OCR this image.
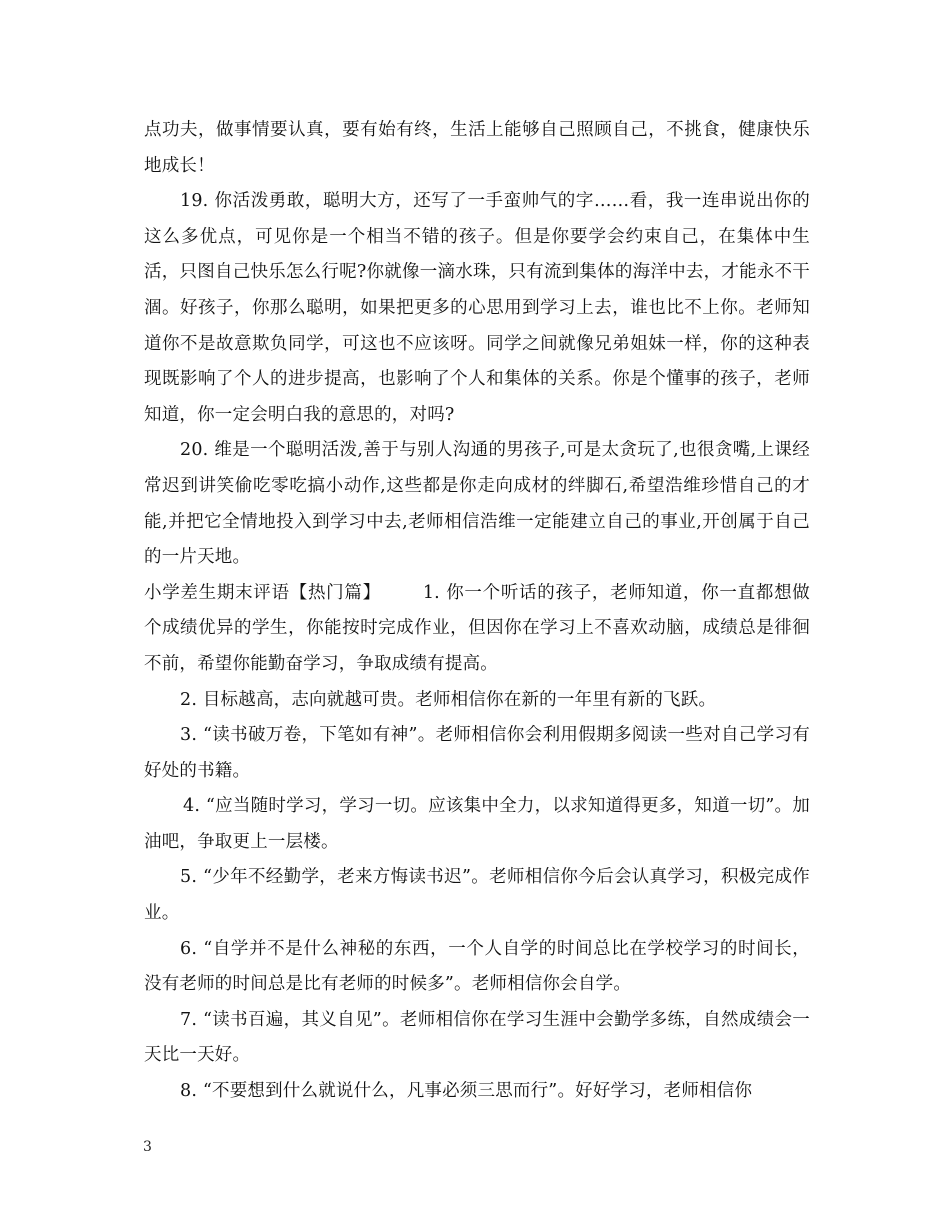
点功夫，做事情要认真，要有始有终，生活上能够自己照顾自己，不挑食，健康快乐地成长！

19. 你活泼勇敢，聪明大方，还写了一手蛮帅气的字……看，我一连串说出你的这么多优点，可见你是一个相当不错的孩子。但是你要学会约束自己，在集体中生活，只图自己快乐怎么行呢?你就像一滴水珠，只有流到集体的海洋中去，才能永不干涸。好孩子，你那么聪明，如果把更多的心思用到学习上去，谁也比不上你。老师知道你不是故意欺负同学，可这也不应该呀。同学之间就像兄弟姐妹一样，你的这种表现既影响了个人的进步提高，也影响了个人和集体的关系。你是个懂事的孩子，老师知道，你一定会明白我的意思的，对吗?

20. 维是一个聪明活泼,善于与别人沟通的男孩子,可是太贪玩了,也很贪嘴,上课经常迟到讲笑偷吃零吃搞小动作,这些都是你走向成材的绊脚石,希望浩维珍惜自己的才能,并把它全情地投入到学习中去,老师相信浩维一定能建立自己的事业,开创属于自己的一片天地。

小学差生期末评语【热门篇】 1. 你一个听话的孩子，老师知道，你一直都想做个成绩优异的学生，你能按时完成作业，但因你在学习上不喜欢动脑，成绩总是徘徊不前，希望你能勤奋学习，争取成绩有提高。

2. 目标越高，志向就越可贵。老师相信你在新的一年里有新的飞跃。

3. “读书破万卷，下笔如有神”。老师相信你会利用假期多阅读一些对自己学习有好处的书籍。

4. “应当随时学习，学习一切。应该集中全力，以求知道得更多，知道一切”。加油吧，争取更上一层楼。

5. “少年不经勤学，老来方悔读书迟”。老师相信你今后会认真学习，积极完成作业。

6. “自学并不是什么神秘的东西，一个人自学的时间总比在学校学习的时间长，没有老师的时间总是比有老师的时候多”。老师相信你会自学。

7. “读书百遍，其义自见”。老师相信你在学习生涯中会勤学多练，自然成绩会一天比一天好。

8. “不要想到什么就说什么，凡事必须三思而行”。好好学习，老师相信你

3
